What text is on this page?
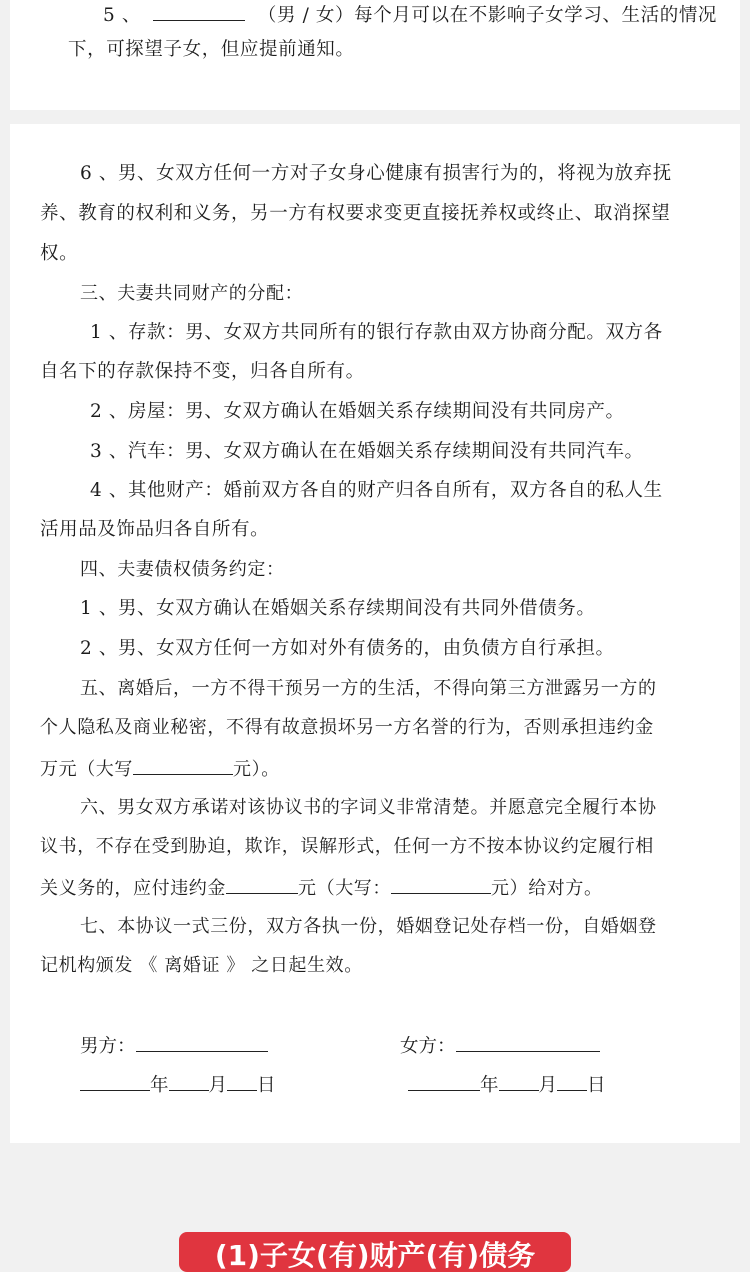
5 、	（男 / 女）每个月可以在不影响子女学习、生活的情况
下，可探望子女，但应提前通知。
6 、男、女双方任何一方对子女身心健康有损害行为的，将视为放弃抚
养、教育的权利和义务，另一方有权要求变更直接抚养权或终止、取消探望
权。
三、夫妻共同财产的分配：
1 、存款：男、女双方共同所有的银行存款由双方协商分配。双方各
自名下的存款保持不变，归各自所有。
2 、房屋：男、女双方确认在婚姻关系存续期间没有共同房产。
3 、汽车：男、女双方确认在在婚姻关系存续期间没有共同汽车。
4 、其他财产：婚前双方各自的财产归各自所有，双方各自的私人生
活用品及饰品归各自所有。
四、夫妻债权债务约定：
1 、男、女双方确认在婚姻关系存续期间没有共同外借债务。
2 、男、女双方任何一方如对外有债务的，由负债方自行承担。
五、离婚后，一方不得干预另一方的生活，不得向第三方泄露另一方的
个人隐私及商业秘密，不得有故意损坏另一方名誉的行为，否则承担违约金
万元（大写	元）。
六、男女双方承诺对该协议书的字词义非常清楚。并愿意完全履行本协
议书，不存在受到胁迫，欺诈，误解形式，任何一方不按本协议约定履行相
关义务的，应付违约金	元（大写：	元）给对方。
七、本协议一式三份，双方各执一份，婚姻登记处存档一份，自婚姻登
记机构颁发 《 离婚证 》 之日起生效。
男方：	女方：
年 月 日	年 月 日
(1)子女(有)财产(有)债务
